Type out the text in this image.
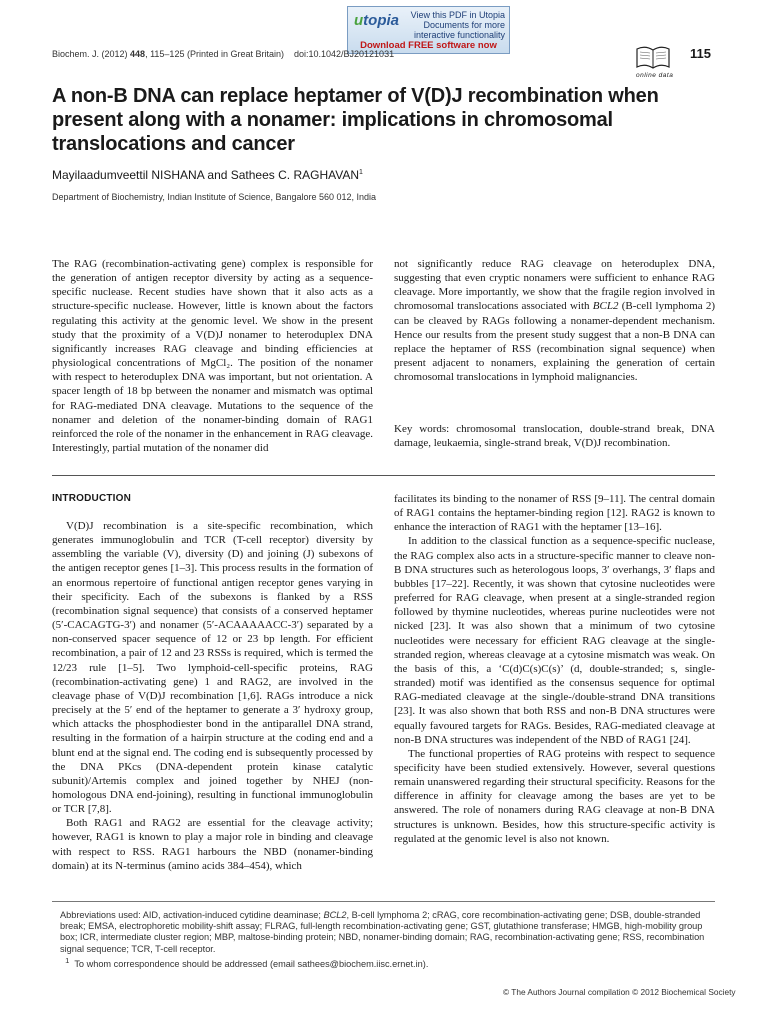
utopia View this PDF in Utopia
Documents for more
interactive functionality
Download FREE software now
Biochem. J. (2012) 448, 115–125 (Printed in Great Britain)    doi:10.1042/BJ20121031
online data
115
A non-B DNA can replace heptamer of V(D)J recombination when present along with a nonamer: implications in chromosomal translocations and cancer
Mayilaadumveettil NISHANA and Sathees C. RAGHAVAN$^1$
Department of Biochemistry, Indian Institute of Science, Bangalore 560 012, India

The RAG (recombination-activating gene) complex is responsible for the generation of antigen receptor diversity by acting as a sequence-specific nuclease. Recent studies have shown that it also acts as a structure-specific nuclease. However, little is known about the factors regulating this activity at the genomic level. We show in the present study that the proximity of a V(D)J nonamer to heteroduplex DNA significantly increases RAG cleavage and binding efficiencies at physiological concentrations of MgCl₂. The position of the nonamer with respect to heteroduplex DNA was important, but not orientation. A spacer length of 18 bp between the nonamer and mismatch was optimal for RAG-mediated DNA cleavage. Mutations to the sequence of the nonamer and deletion of the nonamer-binding domain of RAG1 reinforced the role of the nonamer in the enhancement in RAG cleavage. Interestingly, partial mutation of the nonamer did

not significantly reduce RAG cleavage on heteroduplex DNA, suggesting that even cryptic nonamers were sufficient to enhance RAG cleavage. More importantly, we show that the fragile region involved in chromosomal translocations associated with BCL2 (B-cell lymphoma 2) can be cleaved by RAGs following a nonamer-dependent mechanism. Hence our results from the present study suggest that a non-B DNA can replace the heptamer of RSS (recombination signal sequence) when present adjacent to nonamers, explaining the generation of certain chromosomal translocations in lymphoid malignancies.

Key words: chromosomal translocation, double-strand break, DNA damage, leukaemia, single-strand break, V(D)J recombination.
INTRODUCTION

V(D)J recombination is a site-specific recombination, which generates immunoglobulin and TCR (T-cell receptor) diversity by assembling the variable (V), diversity (D) and joining (J) subexons of the antigen receptor genes [1–3]. This process results in the formation of an enormous repertoire of functional antigen receptor genes varying in their specificity. Each of the subexons is flanked by a RSS (recombination signal sequence) that consists of a conserved heptamer (5′-CACAGTG-3′) and nonamer (5′-ACAAAAACC-3′) separated by a non-conserved spacer sequence of 12 or 23 bp length. For efficient recombination, a pair of 12 and 23 RSSs is required, which is termed the 12/23 rule [1–5]. Two lymphoid-cell-specific proteins, RAG (recombination-activating gene) 1 and RAG2, are involved in the cleavage phase of V(D)J recombination [1,6]. RAGs introduce a nick precisely at the 5′ end of the heptamer to generate a 3′ hydroxy group, which attacks the phosphodiester bond in the antiparallel DNA strand, resulting in the formation of a hairpin structure at the coding end and a blunt end at the signal end. The coding end is subsequently processed by the DNA PKcs (DNA-dependent protein kinase catalytic subunit)/Artemis complex and joined together by NHEJ (non-homologous DNA end-joining), resulting in functional immunoglobulin or TCR [7,8].

Both RAG1 and RAG2 are essential for the cleavage activity; however, RAG1 is known to play a major role in binding and cleavage with respect to RSS. RAG1 harbours the NBD (nonamer-binding domain) at its N-terminus (amino acids 384–454), which

facilitates its binding to the nonamer of RSS [9–11]. The central domain of RAG1 contains the heptamer-binding region [12]. RAG2 is known to enhance the interaction of RAG1 with the heptamer [13–16].

In addition to the classical function as a sequence-specific nuclease, the RAG complex also acts in a structure-specific manner to cleave non-B DNA structures such as heterologous loops, 3′ overhangs, 3′ flaps and bubbles [17–22]. Recently, it was shown that cytosine nucleotides were preferred for RAG cleavage, when present at a single-stranded region followed by thymine nucleotides, whereas purine nucleotides were not nicked [23]. It was also shown that a minimum of two cytosine nucleotides were necessary for efficient RAG cleavage at the single-stranded region, whereas cleavage at a cytosine mismatch was weak. On the basis of this, a ‘C(d)C(s)C(s)’ (d, double-stranded; s, single-stranded) motif was identified as the consensus sequence for optimal RAG-mediated cleavage at the single-/double-strand DNA transitions [23]. It was also shown that both RSS and non-B DNA structures were equally favoured targets for RAGs. Besides, RAG-mediated cleavage at non-B DNA structures was independent of the NBD of RAG1 [24].

The functional properties of RAG proteins with respect to sequence specificity have been studied extensively. However, several questions remain unanswered regarding their structural specificity. Reasons for the difference in affinity for cleavage among the bases are yet to be answered. The role of nonamers during RAG cleavage at non-B DNA structures is unknown. Besides, how this structure-specific activity is regulated at the genomic level is also not known.

Abbreviations used: AID, activation-induced cytidine deaminase; BCL2, B-cell lymphoma 2; cRAG, core recombination-activating gene; DSB, double-stranded break; EMSA, electrophoretic mobility-shift assay; FLRAG, full-length recombination-activating gene; GST, glutathione transferase; HMGB, high-mobility group box; ICR, intermediate cluster region; MBP, maltose-binding protein; NBD, nonamer-binding domain; RAG, recombination-activating gene; RSS, recombination signal sequence; TCR, T-cell receptor.

$^1$ To whom correspondence should be addressed (email sathees@biochem.iisc.ernet.in).

© The Authors Journal compilation © 2012 Biochemical Society
